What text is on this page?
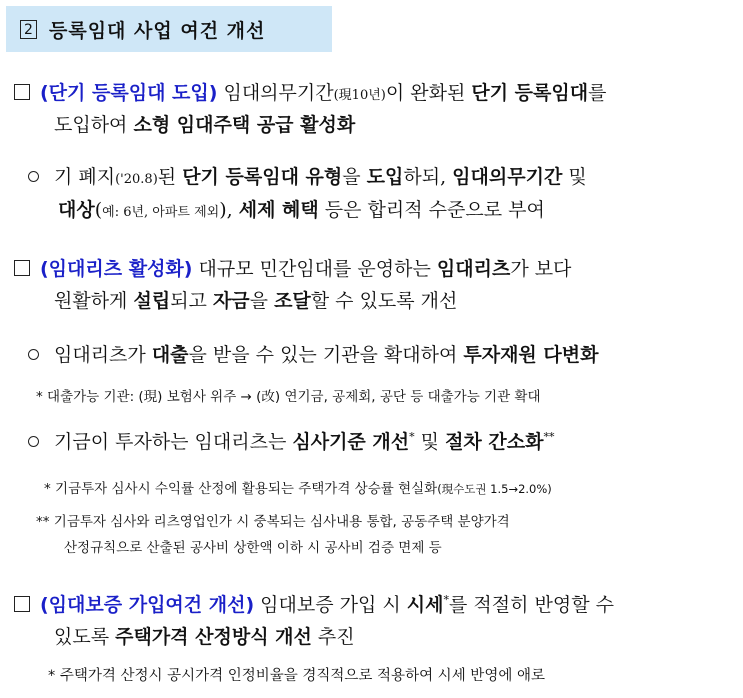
2 등록임대 사업 여건 개선
(단기 등록임대 도입) 임대의무기간(現10년)이 완화된 단기 등록임대를
도입하여 소형 임대주택 공급 활성화
기 폐지('20.8)된 단기 등록임대 유형을 도입하되, 임대의무기간 및
대상(예: 6년, 아파트 제외), 세제 혜택 등은 합리적 수준으로 부여
(임대리츠 활성화) 대규모 민간임대를 운영하는 임대리츠가 보다
원활하게 설립되고 자금을 조달할 수 있도록 개선
임대리츠가 대출을 받을 수 있는 기관을 확대하여 투자재원 다변화
* 대출가능 기관: (現) 보험사 위주 → (改) 연기금, 공제회, 공단 등 대출가능 기관 확대
기금이 투자하는 임대리츠는 심사기준 개선* 및 절차 간소화**
* 기금투자 심사시 수익률 산정에 활용되는 주택가격 상승률 현실화(現수도권 1.5→2.0%)
** 기금투자 심사와 리츠영업인가 시 중복되는 심사내용 통합, 공동주택 분양가격
산정규칙으로 산출된 공사비 상한액 이하 시 공사비 검증 면제 등
(임대보증 가입여건 개선) 임대보증 가입 시 시세*를 적절히 반영할 수
있도록 주택가격 산정방식 개선 추진
* 주택가격 산정시 공시가격 인정비율을 경직적으로 적용하여 시세 반영에 애로
